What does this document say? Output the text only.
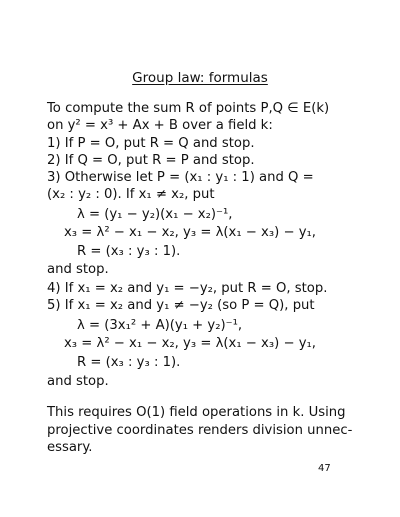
Group law: formulas
To compute the sum R of points P,Q ∈ E(k)
on y² = x³ + Ax + B over a field k:
1) If P = O, put R = Q and stop.
2) If Q = O, put R = P and stop.
3) Otherwise let P = (x₁ : y₁ : 1) and Q =
(x₂ : y₂ : 0). If x₁ ≠ x₂, put
λ = (y₁ − y₂)(x₁ − x₂)⁻¹,
x₃ = λ² − x₁ − x₂, y₃ = λ(x₁ − x₃) − y₁,
R = (x₃ : y₃ : 1).
and stop.
4) If x₁ = x₂ and y₁ = −y₂, put R = O, stop.
5) If x₁ = x₂ and y₁ ≠ −y₂ (so P = Q), put
λ = (3x₁² + A)(y₁ + y₂)⁻¹,
x₃ = λ² − x₁ − x₂, y₃ = λ(x₁ − x₃) − y₁,
R = (x₃ : y₃ : 1).
and stop.
This requires O(1) field operations in k. Using
projective coordinates renders division unnec-
essary.
47
